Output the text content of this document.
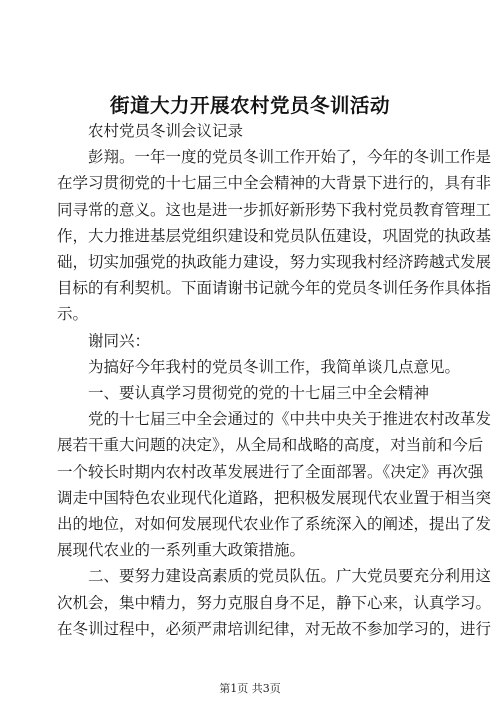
街道大力开展农村党员冬训活动
农村党员冬训会议记录
彭翔。一年一度的党员冬训工作开始了，今年的冬训工作是
在学习贯彻党的十七届三中全会精神的大背景下进行的，具有非
同寻常的意义。这也是进一步抓好新形势下我村党员教育管理工
作，大力推进基层党组织建设和党员队伍建设，巩固党的执政基
础，切实加强党的执政能力建设，努力实现我村经济跨越式发展
目标的有利契机。下面请谢书记就今年的党员冬训任务作具体指
示。
谢同兴：
为搞好今年我村的党员冬训工作，我简单谈几点意见。
一、要认真学习贯彻党的党的十七届三中全会精神
党的十七届三中全会通过的《中共中央关于推进农村改革发
展若干重大问题的决定》，从全局和战略的高度，对当前和今后
一个较长时期内农村改革发展进行了全面部署。《决定》再次强
调走中国特色农业现代化道路，把积极发展现代农业置于相当突
出的地位，对如何发展现代农业作了系统深入的阐述，提出了发
展现代农业的一系列重大政策措施。
二、要努力建设高素质的党员队伍。广大党员要充分利用这
次机会，集中精力，努力克服自身不足，静下心来，认真学习。
在冬训过程中，必须严肃培训纪律，对无故不参加学习的，进行
第1页 共3页
